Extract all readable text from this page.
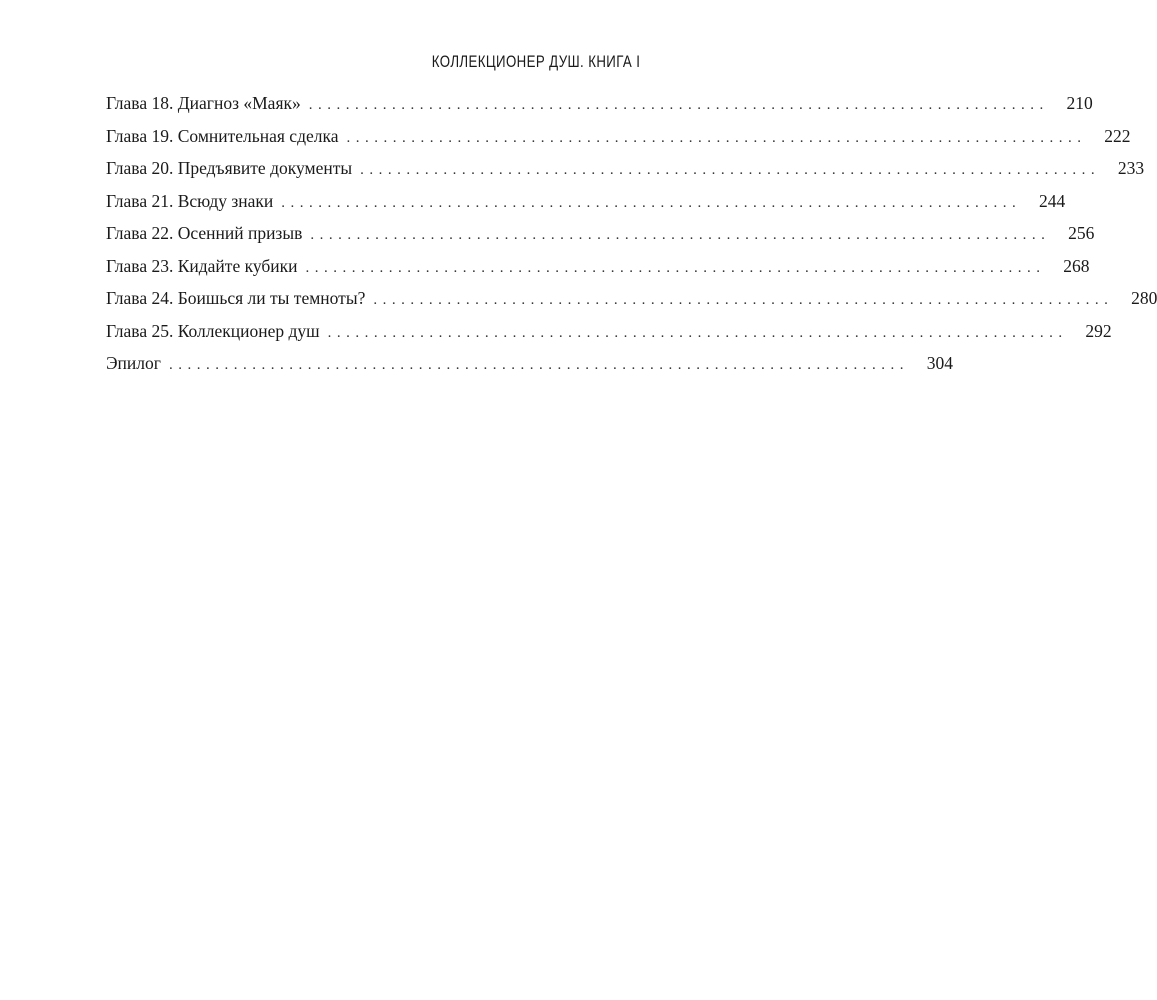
КОЛЛЕКЦИОНЕР ДУШ. КНИГА I
Глава 18. Диагноз «Маяк» ................................................................................	210
Глава 19. Сомнительная сделка ................................................................................	222
Глава 20. Предъявите документы ................................................................................	233
Глава 21. Всюду знаки ................................................................................	244
Глава 22. Осенний призыв ................................................................................	256
Глава 23. Кидайте кубики ................................................................................	268
Глава 24. Боишься ли ты темноты? ................................................................................	280
Глава 25. Коллекционер душ ................................................................................	292
Эпилог ................................................................................	304
